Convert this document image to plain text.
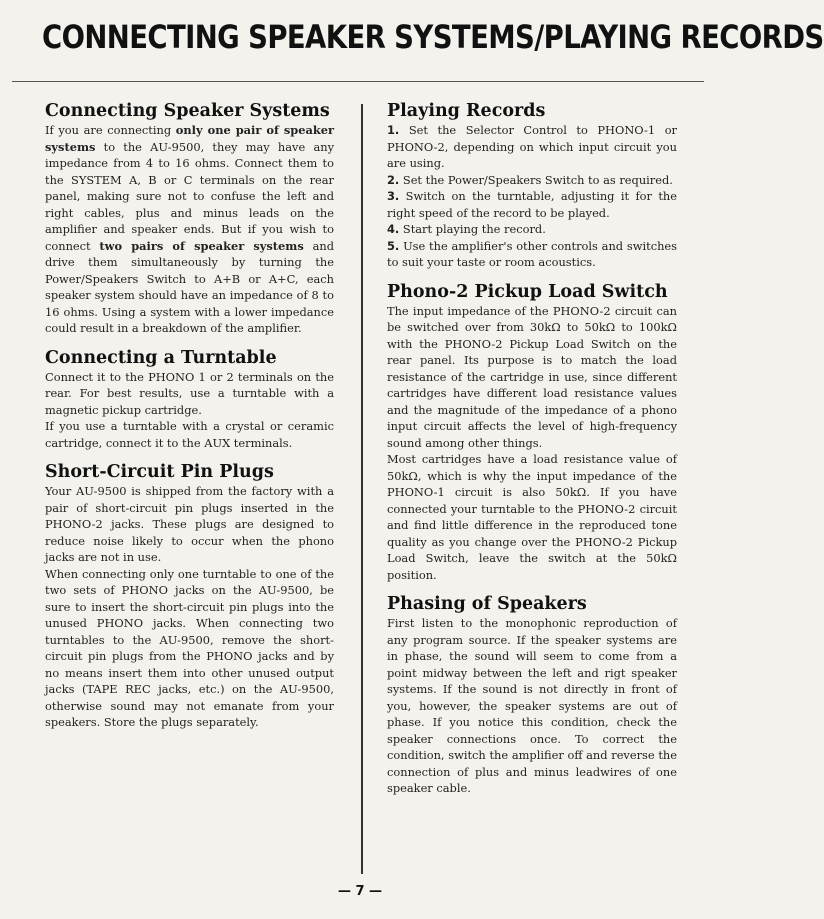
CONNECTING SPEAKER SYSTEMS/PLAYING RECORDS
Connecting Speaker Systems

If you are connecting only one pair of speaker systems to the AU-9500, they may have any impedance from 4 to 16 ohms. Connect them to the SYSTEM A, B or C terminals on the rear panel, making sure not to confuse the left and right cables, plus and minus leads on the amplifier and speaker ends. But if you wish to connect two pairs of speaker systems and drive them simultaneously by turning the Power/Speakers Switch to A+B or A+C, each speaker system should have an impedance of 8 to 16 ohms. Using a system with a lower impedance could result in a breakdown of the amplifier.

Connecting a Turntable

Connect it to the PHONO 1 or 2 terminals on the rear. For best results, use a turntable with a magnetic pickup cartridge.

If you use a turntable with a crystal or ceramic cartridge, connect it to the AUX terminals.

Short-Circuit Pin Plugs

Your AU-9500 is shipped from the factory with a pair of short-circuit pin plugs inserted in the PHONO-2 jacks. These plugs are designed to reduce noise likely to occur when the phono jacks are not in use.

When connecting only one turntable to one of the two sets of PHONO jacks on the AU-9500, be sure to insert the short-circuit pin plugs into the unused PHONO jacks. When connecting two turntables to the AU-9500, remove the short-circuit pin plugs from the PHONO jacks and by no means insert them into other unused output jacks (TAPE REC jacks, etc.) on the AU-9500, otherwise sound may not emanate from your speakers. Store the plugs separately.

Playing Records

1. Set the Selector Control to PHONO-1 or PHONO-2, depending on which input circuit you are using.

2. Set the Power/Speakers Switch to as required.

3. Switch on the turntable, adjusting it for the right speed of the record to be played.

4. Start playing the record.

5. Use the amplifier's other controls and switches to suit your taste or room acoustics.

Phono-2 Pickup Load Switch

The input impedance of the PHONO-2 circuit can be switched over from 30kΩ to 50kΩ to 100kΩ with the PHONO-2 Pickup Load Switch on the rear panel. Its purpose is to match the load resistance of the cartridge in use, since different cartridges have different load resistance values and the magnitude of the impedance of a phono input circuit affects the level of high-frequency sound among other things.

Most cartridges have a load resistance value of 50kΩ, which is why the input impedance of the PHONO-1 circuit is also 50kΩ. If you have connected your turntable to the PHONO-2 circuit and find little difference in the reproduced tone quality as you change over the PHONO-2 Pickup Load Switch, leave the switch at the 50kΩ position.

Phasing of Speakers

First listen to the monophonic reproduction of any program source. If the speaker systems are in phase, the sound will seem to come from a point midway between the left and rigt speaker systems. If the sound is not directly in front of you, however, the speaker systems are out of phase. If you notice this condition, check the speaker connections once. To correct the condition, switch the amplifier off and reverse the connection of plus and minus leadwires of one speaker cable.

— 7 —
